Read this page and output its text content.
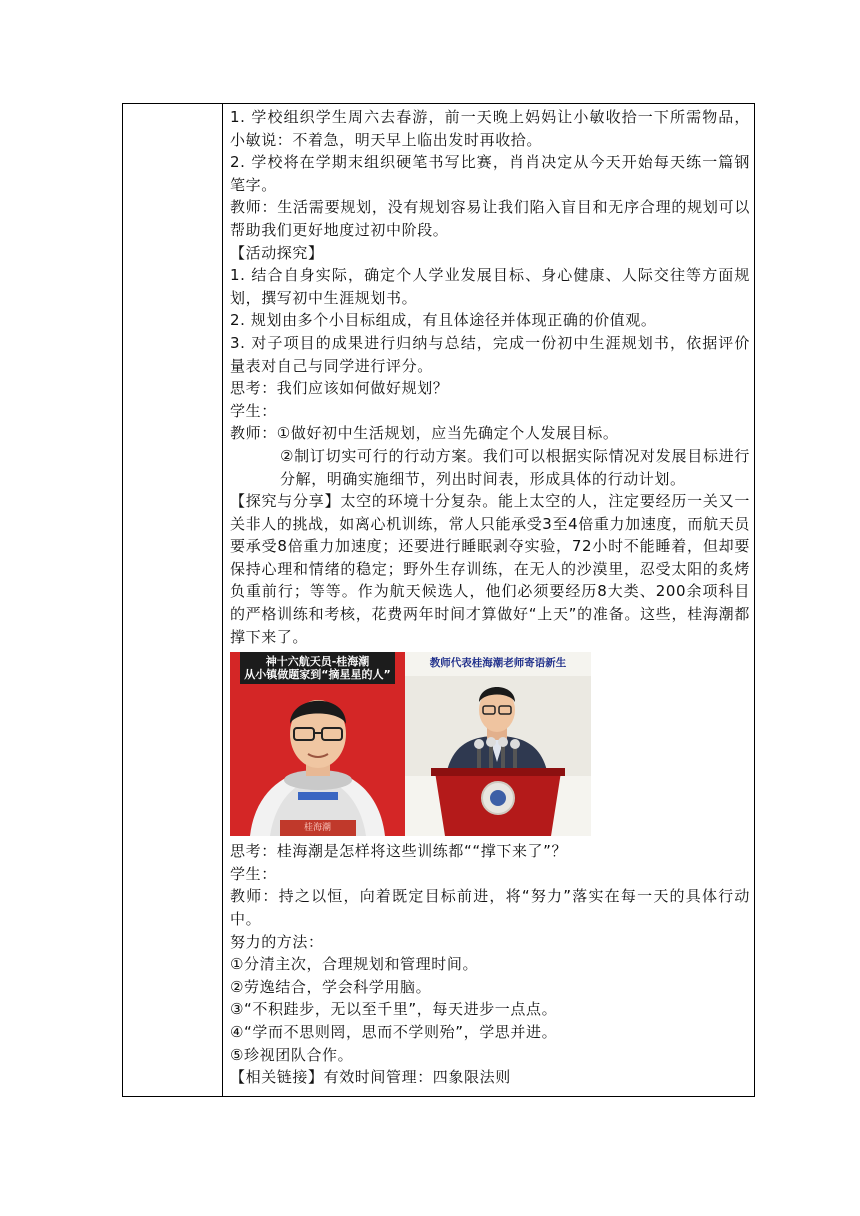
1. 学校组织学生周六去春游，前一天晚上妈妈让小敏收拾一下所需物品，小敏说：不着急，明天早上临出发时再收拾。

2. 学校将在学期末组织硬笔书写比赛，肖肖决定从今天开始每天练一篇钢笔字。

教师：生活需要规划，没有规划容易让我们陷入盲目和无序合理的规划可以帮助我们更好地度过初中阶段。

【活动探究】

1. 结合自身实际，确定个人学业发展目标、身心健康、人际交往等方面规划，撰写初中生涯规划书。

2. 规划由多个小目标组成，有且体途径并体现正确的价值观。

3. 对子项目的成果进行归纳与总结，完成一份初中生涯规划书，依据评价量表对自己与同学进行评分。

思考：我们应该如何做好规划？

学生：

教师：①做好初中生活规划，应当先确定个人发展目标。

②制订切实可行的行动方案。我们可以根据实际情况对发展目标进行分解，明确实施细节，列出时间表，形成具体的行动计划。

【探究与分享】太空的环境十分复杂。能上太空的人，注定要经历一关又一关非人的挑战，如离心机训练，常人只能承受3至4倍重力加速度，而航天员要承受8倍重力加速度；还要进行睡眠剥夺实验，72小时不能睡着，但却要保持心理和情绪的稳定；野外生存训练，在无人的沙漠里，忍受太阳的炙烤负重前行；等等。作为航天候选人，他们必须要经历8大类、200余项科目的严格训练和考核，花费两年时间才算做好“上天”的准备。这些，桂海潮都撑下来了。

神十六航天员-桂海潮
从小镇做题家到“摘星星的人”
桂海潮
教师代表桂海潮老师寄语新生

思考：桂海潮是怎样将这些训练都““撑下来了”？

学生：

教师：持之以恒，向着既定目标前进，将“努力”落实在每一天的具体行动中。

努力的方法：

①分清主次，合理规划和管理时间。

②劳逸结合，学会科学用脑。

③“不积跬步，无以至千里”，每天进步一点点。

④“学而不思则罔，思而不学则殆”，学思并进。

⑤珍视团队合作。

【相关链接】有效时间管理：四象限法则
